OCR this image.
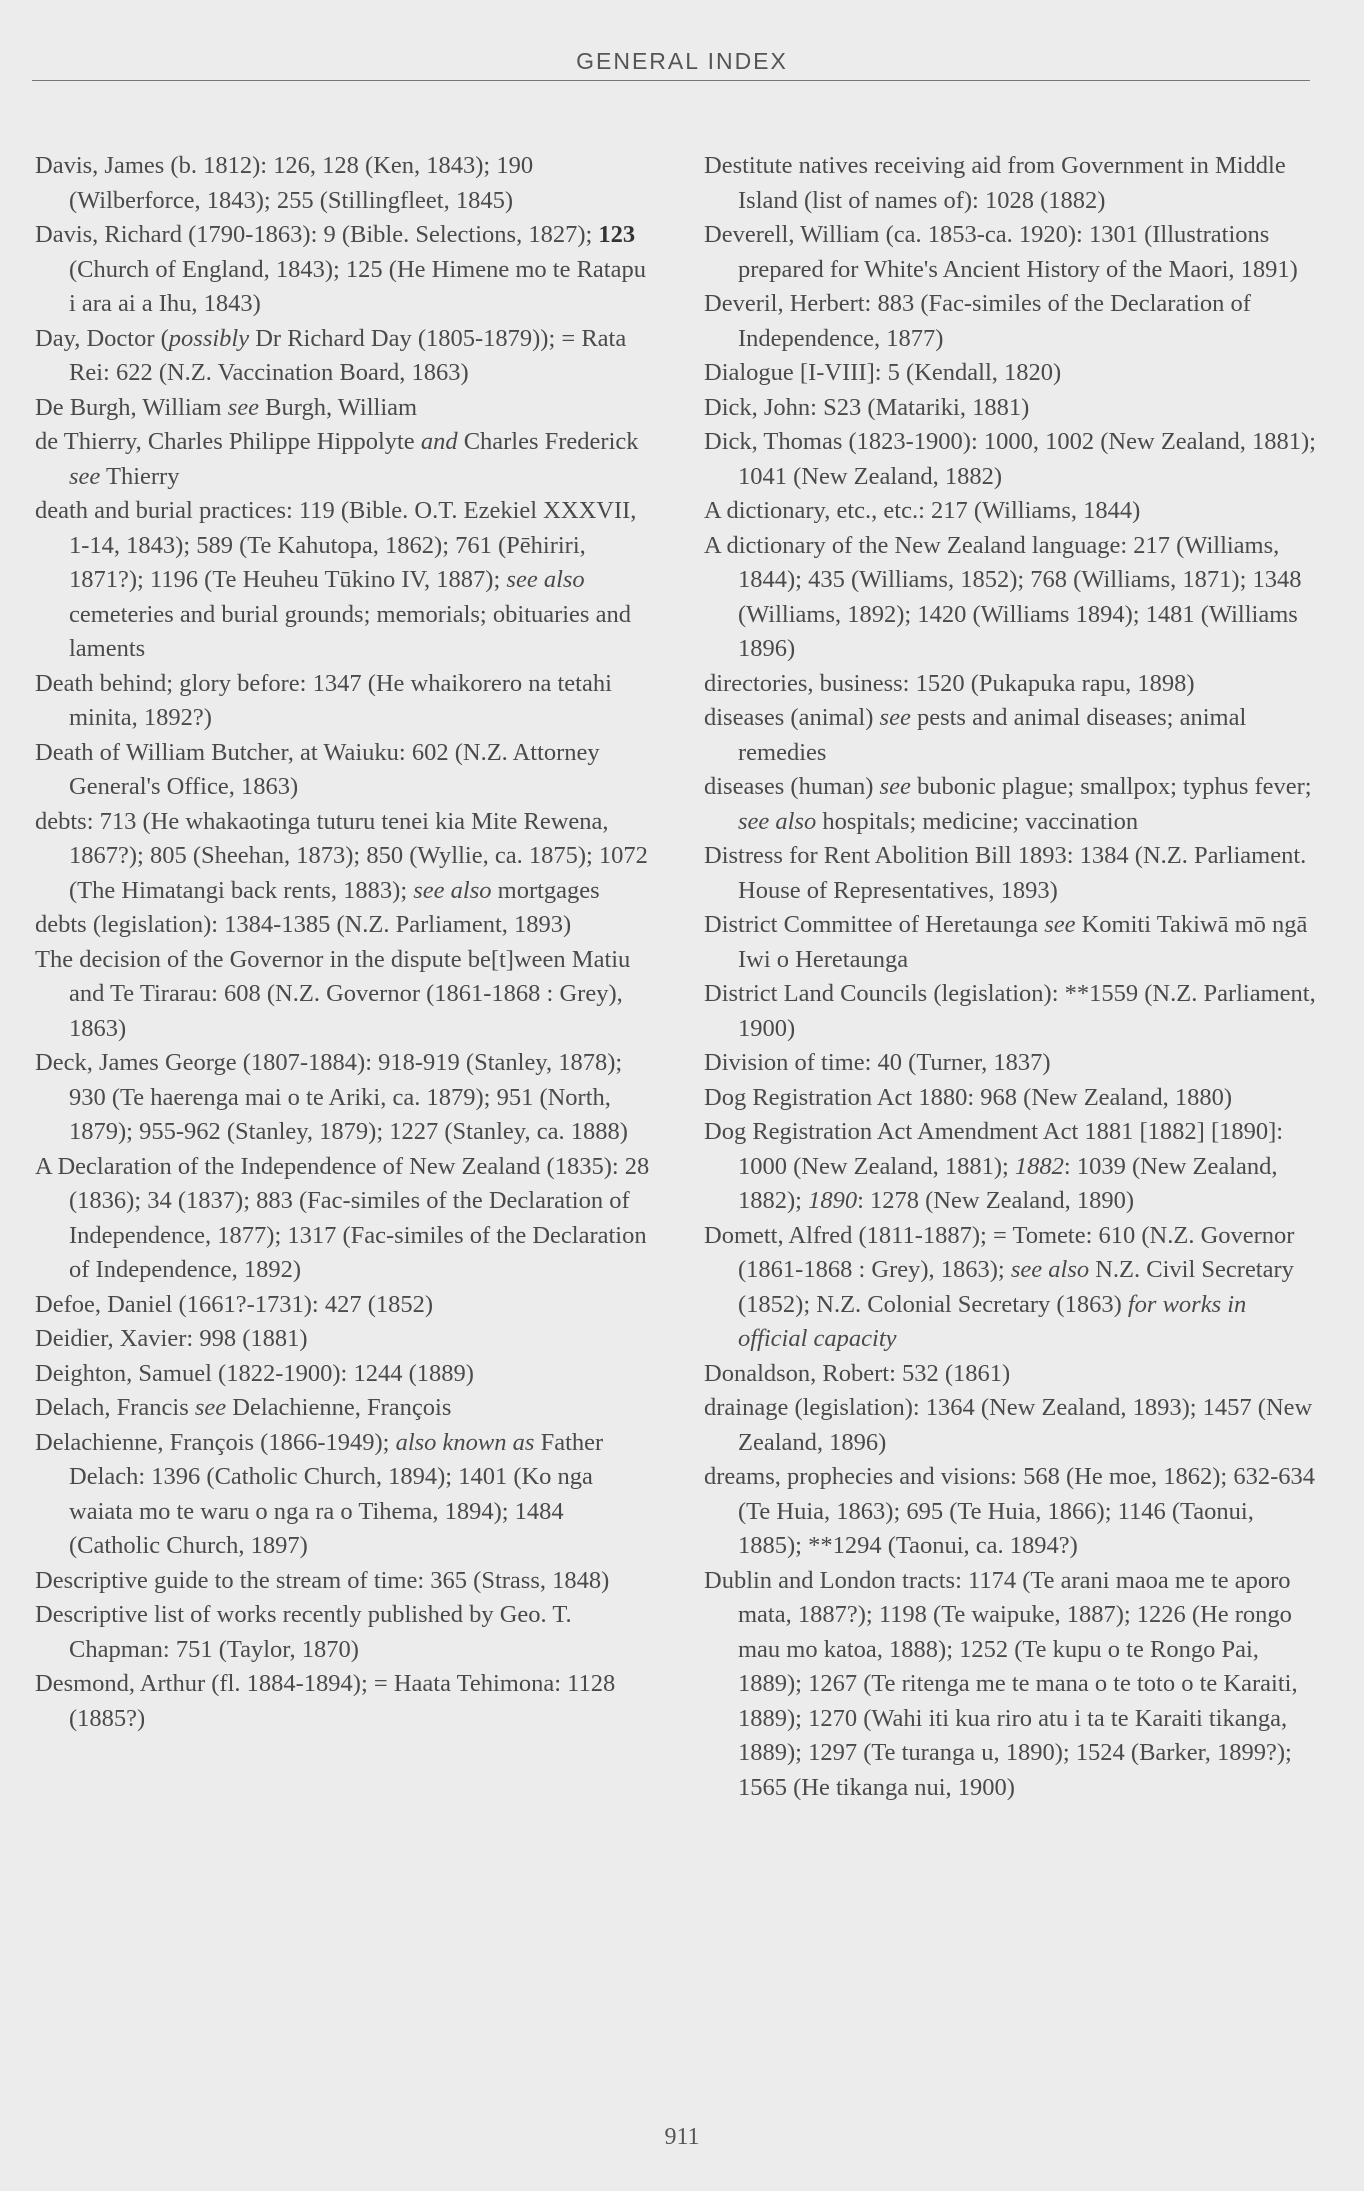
GENERAL INDEX

Davis, James (b. 1812): 126, 128 (Ken, 1843); 190 (Wilberforce, 1843); 255 (Stillingfleet, 1845)

Davis, Richard (1790-1863): 9 (Bible. Selections, 1827); 123 (Church of England, 1843); 125 (He Himene mo te Ratapu i ara ai a Ihu, 1843)

Day, Doctor (possibly Dr Richard Day (1805-1879)); = Rata Rei: 622 (N.Z. Vaccination Board, 1863)

De Burgh, William see Burgh, William

de Thierry, Charles Philippe Hippolyte and Charles Frederick see Thierry

death and burial practices: 119 (Bible. O.T. Ezekiel XXXVII, 1-14, 1843); 589 (Te Kahutopa, 1862); 761 (Pēhiriri, 1871?); 1196 (Te Heuheu Tūkino IV, 1887); see also cemeteries and burial grounds; memorials; obituaries and laments

Death behind; glory before: 1347 (He whaikorero na tetahi minita, 1892?)

Death of William Butcher, at Waiuku: 602 (N.Z. Attorney General's Office, 1863)

debts: 713 (He whakaotinga tuturu tenei kia Mite Rewena, 1867?); 805 (Sheehan, 1873); 850 (Wyllie, ca. 1875); 1072 (The Himatangi back rents, 1883); see also mortgages

debts (legislation): 1384-1385 (N.Z. Parliament, 1893)

The decision of the Governor in the dispute be[t]ween Matiu and Te Tirarau: 608 (N.Z. Governor (1861-1868 : Grey), 1863)

Deck, James George (1807-1884): 918-919 (Stanley, 1878); 930 (Te haerenga mai o te Ariki, ca. 1879); 951 (North, 1879); 955-962 (Stanley, 1879); 1227 (Stanley, ca. 1888)

A Declaration of the Independence of New Zealand (1835): 28 (1836); 34 (1837); 883 (Fac-similes of the Declaration of Independence, 1877); 1317 (Fac-similes of the Declaration of Independence, 1892)

Defoe, Daniel (1661?-1731): 427 (1852)

Deidier, Xavier: 998 (1881)

Deighton, Samuel (1822-1900): 1244 (1889)

Delach, Francis see Delachienne, François

Delachienne, François (1866-1949); also known as Father Delach: 1396 (Catholic Church, 1894); 1401 (Ko nga waiata mo te waru o nga ra o Tihema, 1894); 1484 (Catholic Church, 1897)

Descriptive guide to the stream of time: 365 (Strass, 1848)

Descriptive list of works recently published by Geo. T. Chapman: 751 (Taylor, 1870)

Desmond, Arthur (fl. 1884-1894); = Haata Tehimona: 1128 (1885?)

Destitute natives receiving aid from Government in Middle Island (list of names of): 1028 (1882)

Deverell, William (ca. 1853-ca. 1920): 1301 (Illustrations prepared for White's Ancient History of the Maori, 1891)

Deveril, Herbert: 883 (Fac-similes of the Declaration of Independence, 1877)

Dialogue [I-VIII]: 5 (Kendall, 1820)

Dick, John: S23 (Matariki, 1881)

Dick, Thomas (1823-1900): 1000, 1002 (New Zealand, 1881); 1041 (New Zealand, 1882)

A dictionary, etc., etc.: 217 (Williams, 1844)

A dictionary of the New Zealand language: 217 (Williams, 1844); 435 (Williams, 1852); 768 (Williams, 1871); 1348 (Williams, 1892); 1420 (Williams 1894); 1481 (Williams 1896)

directories, business: 1520 (Pukapuka rapu, 1898)

diseases (animal) see pests and animal diseases; animal remedies

diseases (human) see bubonic plague; smallpox; typhus fever; see also hospitals; medicine; vaccination

Distress for Rent Abolition Bill 1893: 1384 (N.Z. Parliament. House of Representatives, 1893)

District Committee of Heretaunga see Komiti Takiwā mō ngā Iwi o Heretaunga

District Land Councils (legislation): **1559 (N.Z. Parliament, 1900)

Division of time: 40 (Turner, 1837)

Dog Registration Act 1880: 968 (New Zealand, 1880)

Dog Registration Act Amendment Act 1881 [1882] [1890]: 1000 (New Zealand, 1881); 1882: 1039 (New Zealand, 1882); 1890: 1278 (New Zealand, 1890)

Domett, Alfred (1811-1887); = Tomete: 610 (N.Z. Governor (1861-1868 : Grey), 1863); see also N.Z. Civil Secretary (1852); N.Z. Colonial Secretary (1863) for works in official capacity

Donaldson, Robert: 532 (1861)

drainage (legislation): 1364 (New Zealand, 1893); 1457 (New Zealand, 1896)

dreams, prophecies and visions: 568 (He moe, 1862); 632-634 (Te Huia, 1863); 695 (Te Huia, 1866); 1146 (Taonui, 1885); **1294 (Taonui, ca. 1894?)

Dublin and London tracts: 1174 (Te arani maoa me te aporo mata, 1887?); 1198 (Te waipuke, 1887); 1226 (He rongo mau mo katoa, 1888); 1252 (Te kupu o te Rongo Pai, 1889); 1267 (Te ritenga me te mana o te toto o te Karaiti, 1889); 1270 (Wahi iti kua riro atu i ta te Karaiti tikanga, 1889); 1297 (Te turanga u, 1890); 1524 (Barker, 1899?); 1565 (He tikanga nui, 1900)

911
